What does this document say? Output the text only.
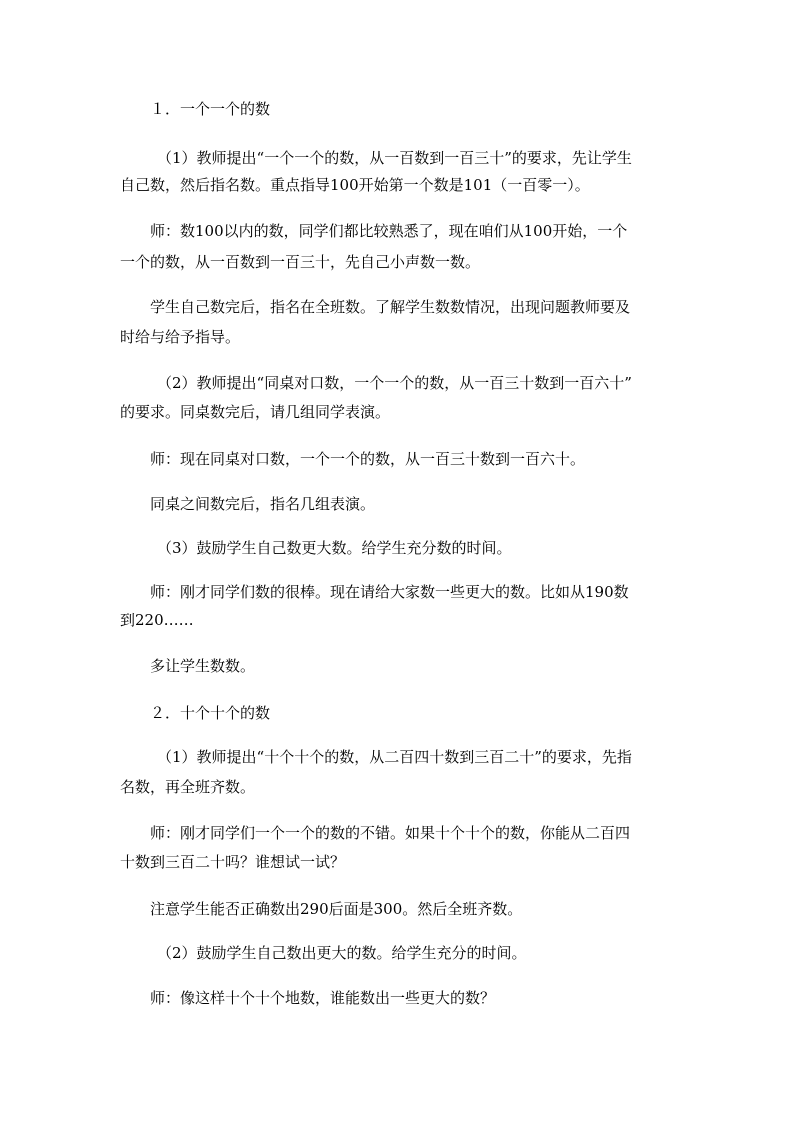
１．一个一个的数

（1）教师提出“一个一个的数，从一百数到一百三十”的要求，先让学生

自己数，然后指名数。重点指导100开始第一个数是101（一百零一）。

师：数100以内的数，同学们都比较熟悉了，现在咱们从100开始，一个

一个的数，从一百数到一百三十，先自己小声数一数。

学生自己数完后，指名在全班数。了解学生数数情况，出现问题教师要及

时给与给予指导。

（2）教师提出“同桌对口数，一个一个的数，从一百三十数到一百六十”

的要求。同桌数完后，请几组同学表演。

师：现在同桌对口数，一个一个的数，从一百三十数到一百六十。

同桌之间数完后，指名几组表演。

（3）鼓励学生自己数更大数。给学生充分数的时间。

师：刚才同学们数的很棒。现在请给大家数一些更大的数。比如从190数

到220……

多让学生数数。

２．十个十个的数

（1）教师提出“十个十个的数，从二百四十数到三百二十”的要求，先指

名数，再全班齐数。

师：刚才同学们一个一个的数的不错。如果十个十个的数，你能从二百四

十数到三百二十吗？谁想试一试？

注意学生能否正确数出290后面是300。然后全班齐数。

（2）鼓励学生自己数出更大的数。给学生充分的时间。

师：像这样十个十个地数，谁能数出一些更大的数？
